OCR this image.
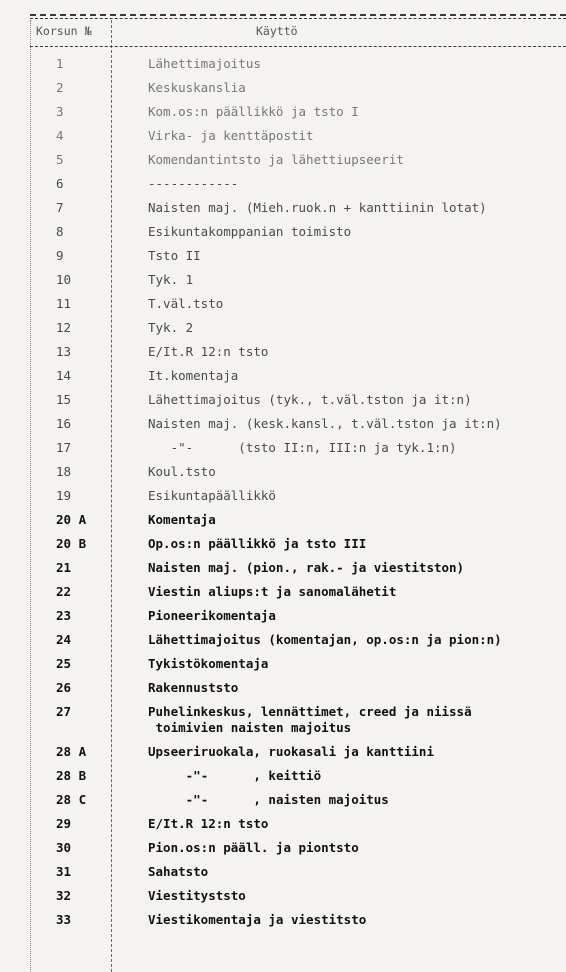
Korsun №	Käyttö
1	Lähettimajoitus
2	Keskuskanslia
3	Kom.os:n päällikkö ja tsto I
4	Virka- ja kenttäpostit
5	Komendantintsto ja lähettiupseerit
6	------------
7	Naisten maj. (Mieh.ruok.n + kanttiinin lotat)
8	Esikuntakomppanian toimisto
9	Tsto II
10	Tyk. 1
11	T.väl.tsto
12	Tyk. 2
13	E/It.R 12:n tsto
14	It.komentaja
15	Lähettimajoitus (tyk., t.väl.tston ja it:n)
16	Naisten maj. (kesk.kansl., t.väl.tston ja it:n)
17	-"-      (tsto II:n, III:n ja tyk.1:n)
18	Koul.tsto
19	Esikuntapäällikkö
20 A	Komentaja
20 B	Op.os:n päällikkö ja tsto III
21	Naisten maj. (pion., rak.- ja viestitston)
22	Viestin aliups:t ja sanomalähetit
23	Pioneerikomentaja
24	Lähettimajoitus (komentajan, op.os:n ja pion:n)
25	Tykistökomentaja
26	Rakennuststo
27	Puhelinkeskus, lennättimet, creed ja niissä
toimivien naisten majoitus
28 A	Upseeriruokala, ruokasali ja kanttiini
28 B	-"-      , keittiö
28 C	-"-      , naisten majoitus
29	E/It.R 12:n tsto
30	Pion.os:n pääll. ja piontsto
31	Sahatsto
32	Viestityststo
33	Viestikomentaja ja viestitsto
